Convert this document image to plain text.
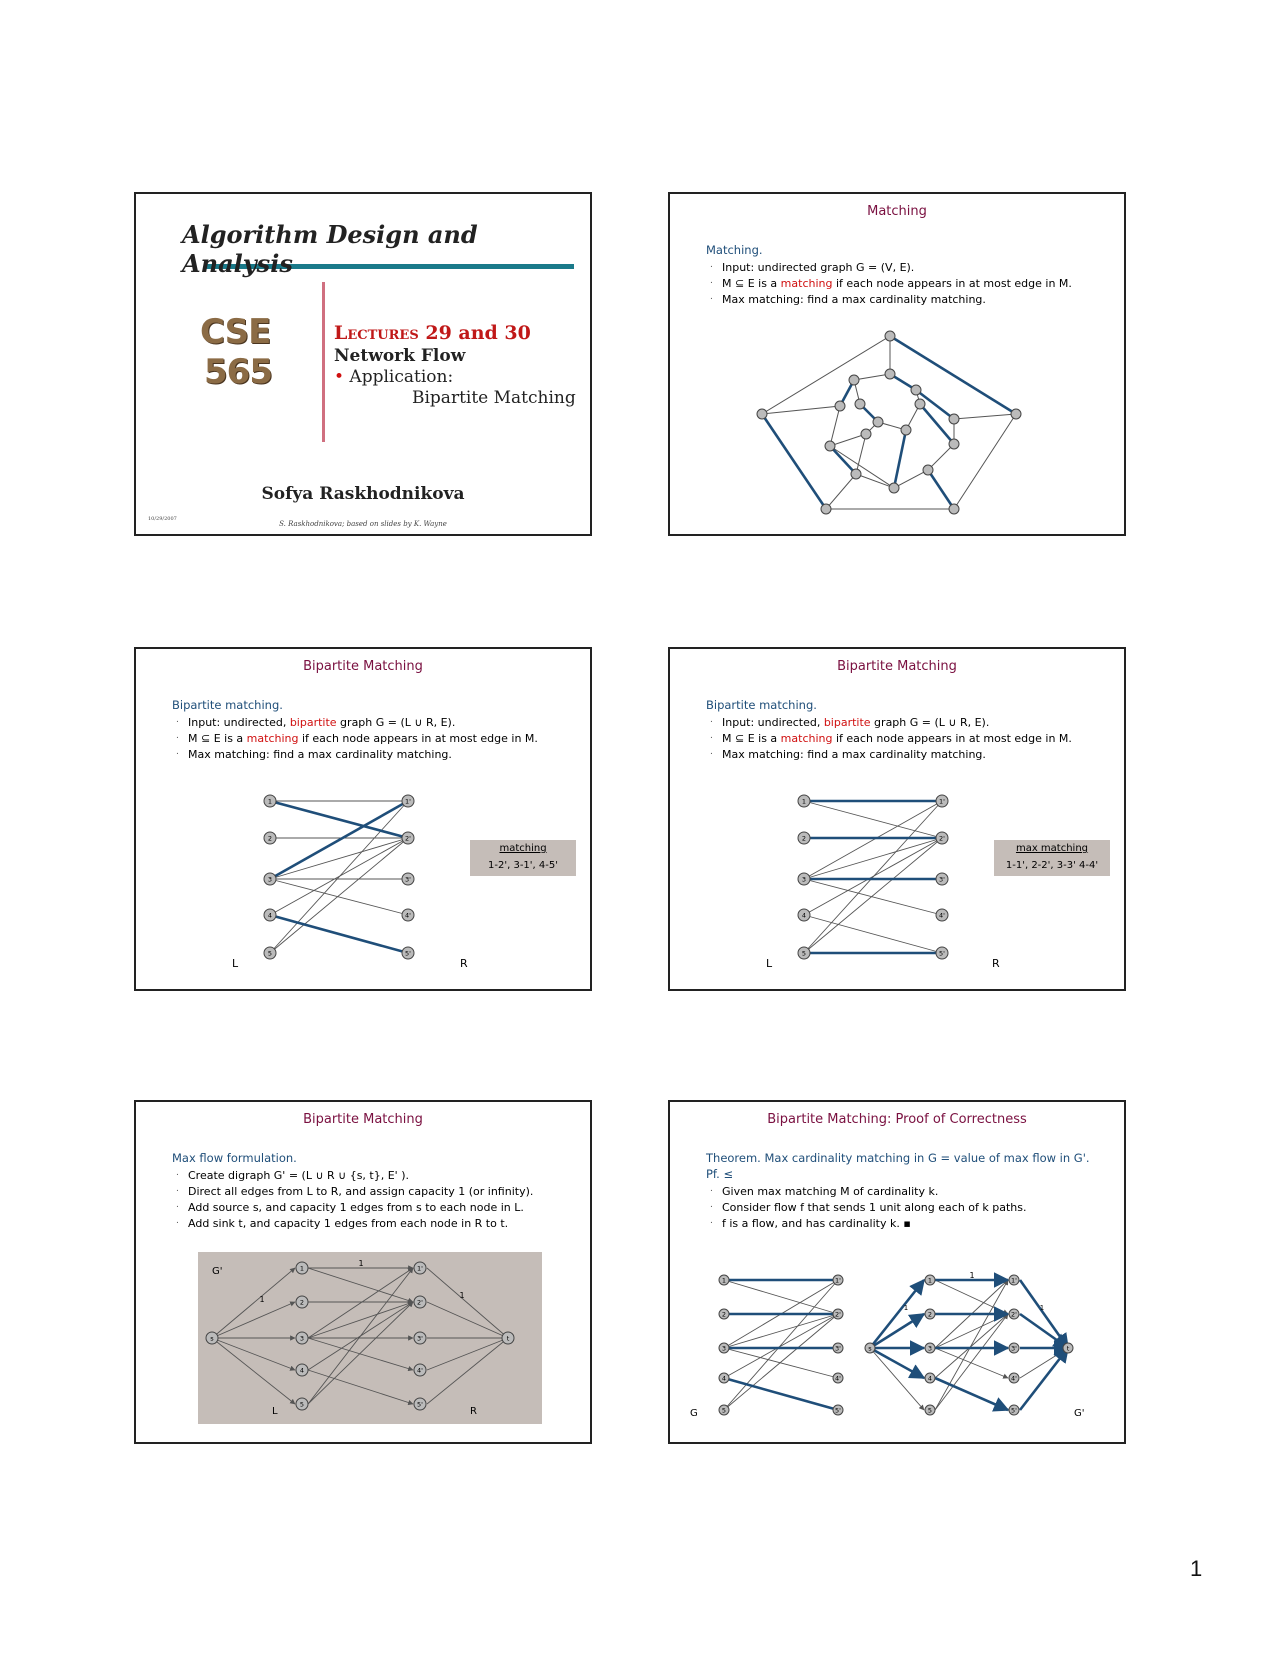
Algorithm Design and Analysis
CSE
565
Lectures 29 and 30
Network Flow
• Application:
Bipartite Matching
Sofya Raskhodnikova
10/29/2007
S. Raskhodnikova; based on slides by K. Wayne
Matching
Matching.
. Input: undirected graph G = (V, E).
. M ⊆ E is a matching if each node appears in at most edge in M.
. Max matching: find a max cardinality matching.
Bipartite Matching
Bipartite matching.
. Input: undirected, bipartite graph G = (L ∪ R, E).
. M ⊆ E is a matching if each node appears in at most edge in M.
. Max matching: find a max cardinality matching.
1
2
3
4
5
1'
2'
3'
4'
5'
matching
1-2', 3-1', 4-5'
L	R
Bipartite Matching
Bipartite matching.
. Input: undirected, bipartite graph G = (L ∪ R, E).
. M ⊆ E is a matching if each node appears in at most edge in M.
. Max matching: find a max cardinality matching.
1
2
3
4
5
1'
2'
3'
4'
5'
max matching
1-1', 2-2', 3-3' 4-4'
L	R
Bipartite Matching
Max flow formulation.
. Create digraph G' = (L ∪ R ∪ {s, t}, E' ).
. Direct all edges from L to R, and assign capacity 1 (or infinity).
. Add source s, and capacity 1 edges from s to each node in L.
. Add sink t, and capacity 1 edges from each node in R to t.
s	t
1
2
3
4
5
1'
2'
3'
4'
5'
1
1	1
G'
L	R
Bipartite Matching: Proof of Correctness
Theorem. Max cardinality matching in G = value of max flow in G'.
Pf. ≤
. Given max matching M of cardinality k.
. Consider flow f that sends 1 unit along each of k paths.
. f is a flow, and has cardinality k. ▪
1
2
3
4
5
1'
2'
3'
4'
5'
s	t
1
2
3
4
5
1'
2'
3'
4'
5'
1
1	1
G	G'
1
